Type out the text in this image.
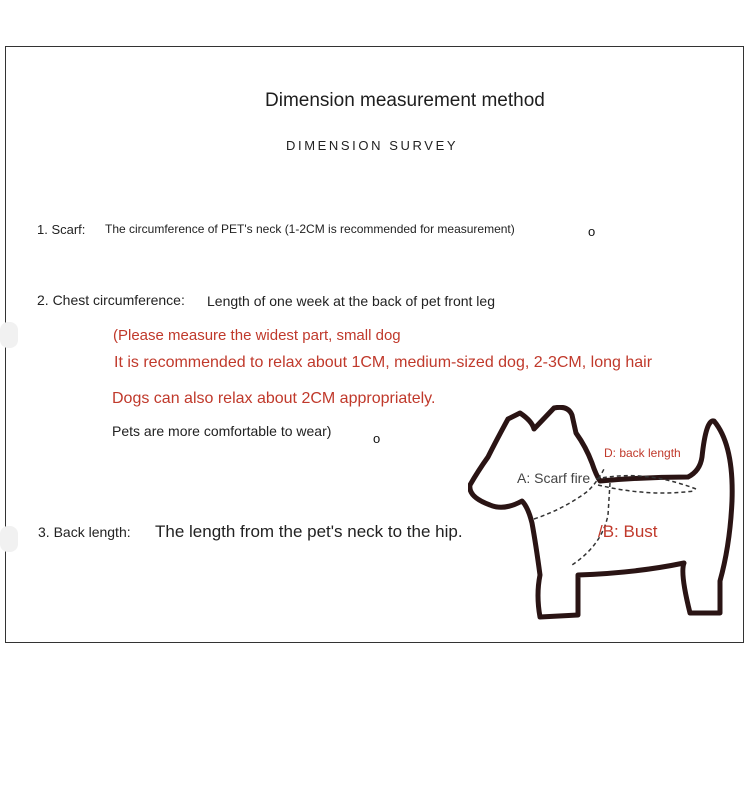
Dimension measurement method
DIMENSION SURVEY
1. Scarf: The circumference of PET's neck (1-2CM is recommended for measurement)	o
2. Chest circumference: Length of one week at the back of pet front leg
(Please measure the widest part, small dog
It is recommended to relax about 1CM, medium-sized dog, 2-3CM, long hair
Dogs can also relax about 2CM appropriately.
Pets are more comfortable to wear)	o
3. Back length: The length from the pet's neck to the hip.
A: Scarf fire
D: back length
/B: Bust
